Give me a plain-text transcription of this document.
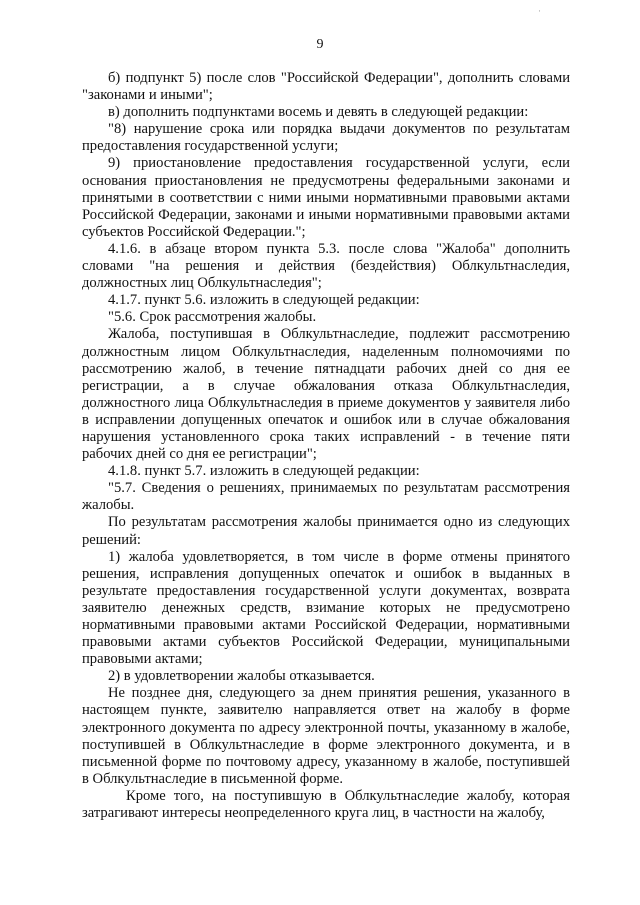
·
9

б) подпункт 5) после слов "Российской Федерации", дополнить словами "законами и иными";

в) дополнить подпунктами восемь и девять в следующей редакции:

"8) нарушение срока или порядка выдачи документов по результатам предоставления государственной услуги;

9) приостановление предоставления государственной услуги, если основания приостановления не предусмотрены федеральными законами и принятыми в соответствии с ними иными нормативными правовыми актами Российской Федерации, законами и иными нормативными правовыми актами субъектов Российской Федерации.";

4.1.6. в абзаце втором пункта 5.3. после слова "Жалоба" дополнить словами "на решения и действия (бездействия) Облкультнаследия, должностных лиц Облкультнаследия";

4.1.7. пункт 5.6. изложить в следующей редакции:

"5.6. Срок рассмотрения жалобы.

Жалоба, поступившая в Облкультнаследие, подлежит рассмотрению должностным лицом Облкультнаследия, наделенным полномочиями по рассмотрению жалоб, в течение пятнадцати рабочих дней со дня ее регистрации, а в случае обжалования отказа Облкультнаследия, должностного лица Облкультнаследия в приеме документов у заявителя либо в исправлении допущенных опечаток и ошибок или в случае обжалования нарушения установленного срока таких исправлений - в течение пяти рабочих дней со дня ее регистрации";

4.1.8. пункт 5.7. изложить в следующей редакции:

"5.7. Сведения о решениях, принимаемых по результатам рассмотрения жалобы.

По результатам рассмотрения жалобы принимается одно из следующих решений:

1) жалоба удовлетворяется, в том числе в форме отмены принятого решения, исправления допущенных опечаток и ошибок в выданных в результате предоставления государственной услуги документах, возврата заявителю денежных средств, взимание которых не предусмотрено нормативными правовыми актами Российской Федерации, нормативными правовыми актами субъектов Российской Федерации, муниципальными правовыми актами;

2) в удовлетворении жалобы отказывается.

Не позднее дня, следующего за днем принятия решения, указанного в настоящем пункте, заявителю направляется ответ на жалобу в форме электронного документа по адресу электронной почты, указанному в жалобе, поступившей в Облкультнаследие в форме электронного документа, и в письменной форме по почтовому адресу, указанному в жалобе, поступившей в Облкультнаследие в письменной форме.

Кроме того, на поступившую в Облкультнаследие жалобу, которая затрагивают интересы неопределенного круга лиц, в частности на жалобу,
